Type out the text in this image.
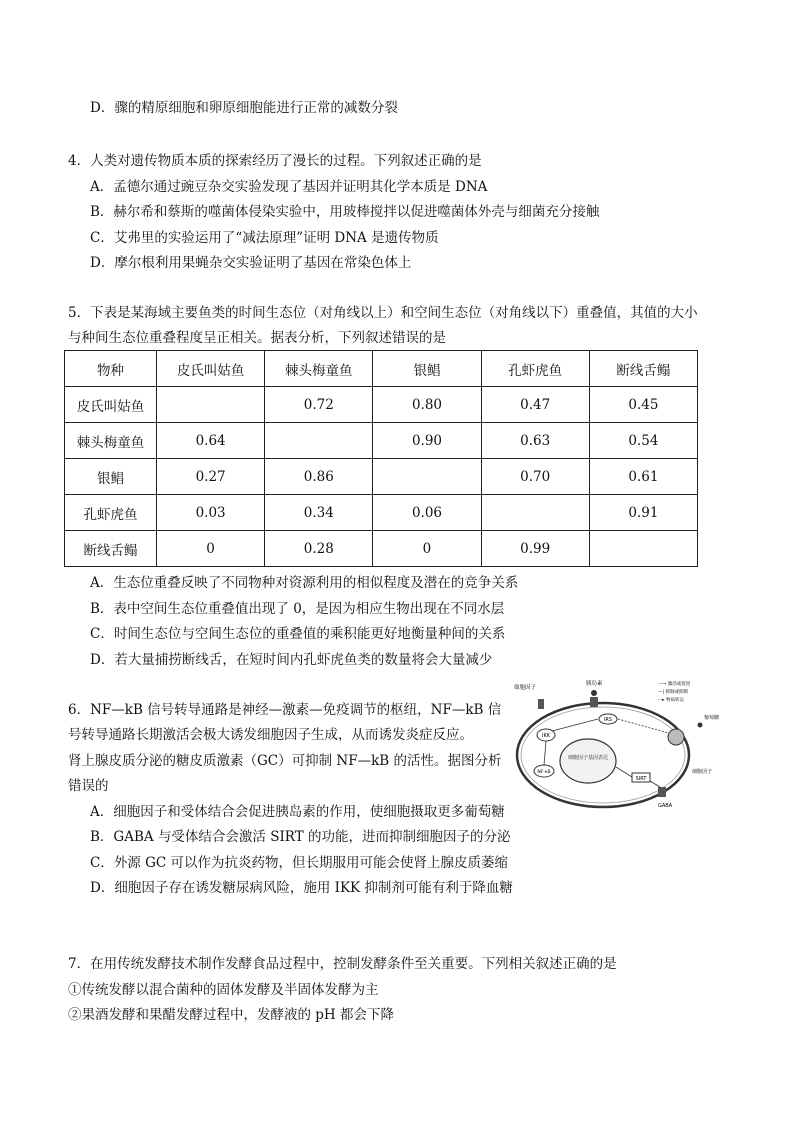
D．骤的精原细胞和卵原细胞能进行正常的减数分裂
4．人类对遗传物质本质的探索经历了漫长的过程。下列叙述正确的是
A．孟德尔通过豌豆杂交实验发现了基因并证明其化学本质是 DNA
B．赫尔希和蔡斯的噬菌体侵染实验中，用玻棒搅拌以促进噬菌体外壳与细菌充分接触
C．艾弗里的实验运用了“减法原理”证明 DNA 是遗传物质
D．摩尔根利用果蝇杂交实验证明了基因在常染色体上
5．下表是某海域主要鱼类的时间生态位（对角线以上）和空间生态位（对角线以下）重叠值，其值的大小
与种间生态位重叠程度呈正相关。据表分析，下列叙述错误的是
物种	皮氏叫姑鱼	棘头梅童鱼	银鲳	孔虾虎鱼	断线舌鳎
皮氏叫姑鱼		0.72	0.80	0.47	0.45
棘头梅童鱼	0.64		0.90	0.63	0.54
银鲳	0.27	0.86		0.70	0.61
孔虾虎鱼	0.03	0.34	0.06		0.91
断线舌鳎	0	0.28	0	0.99	
A．生态位重叠反映了不同物种对资源利用的相似程度及潜在的竞争关系
B．表中空间生态位重叠值出现了 0，是因为相应生物出现在不同水层
C．时间生态位与空间生态位的重叠值的乘积能更好地衡量种间的关系
D．若大量捕捞断线舌，在短时间内孔虾虎鱼类的数量将会大量减少
6．NF—kB 信号转导通路是神经—激素—免疫调节的枢纽，NF—kB 信
号转导通路长期激活会极大诱发细胞因子生成，从而诱发炎症反应。
肾上腺皮质分泌的糖皮质激素（GC）可抑制 NF—kB 的活性。据图分析
错误的
A．细胞因子和受体结合会促进胰岛素的作用，使细胞摄取更多葡萄糖
B．GABA 与受体结合会激活 SIRT 的功能，进而抑制细胞因子的分泌
C．外源 GC 可以作为抗炎药物，但长期服用可能会使肾上腺皮质萎缩
D．细胞因子存在诱发糖尿病风险，施用 IKK 抑制剂可能有利于降血糖
细胞因子基因表达
IKK
IRS
NF-κB
SIRT
细胞因子
胰岛素	—→ 激活或促进
—| 抑制或抑制
···▸ 物质转运
葡萄糖
细胞因子
GABA
7．在用传统发酵技术制作发酵食品过程中，控制发酵条件至关重要。下列相关叙述正确的是
①传统发酵以混合菌种的固体发酵及半固体发酵为主
②果酒发酵和果醋发酵过程中，发酵液的 pH 都会下降
